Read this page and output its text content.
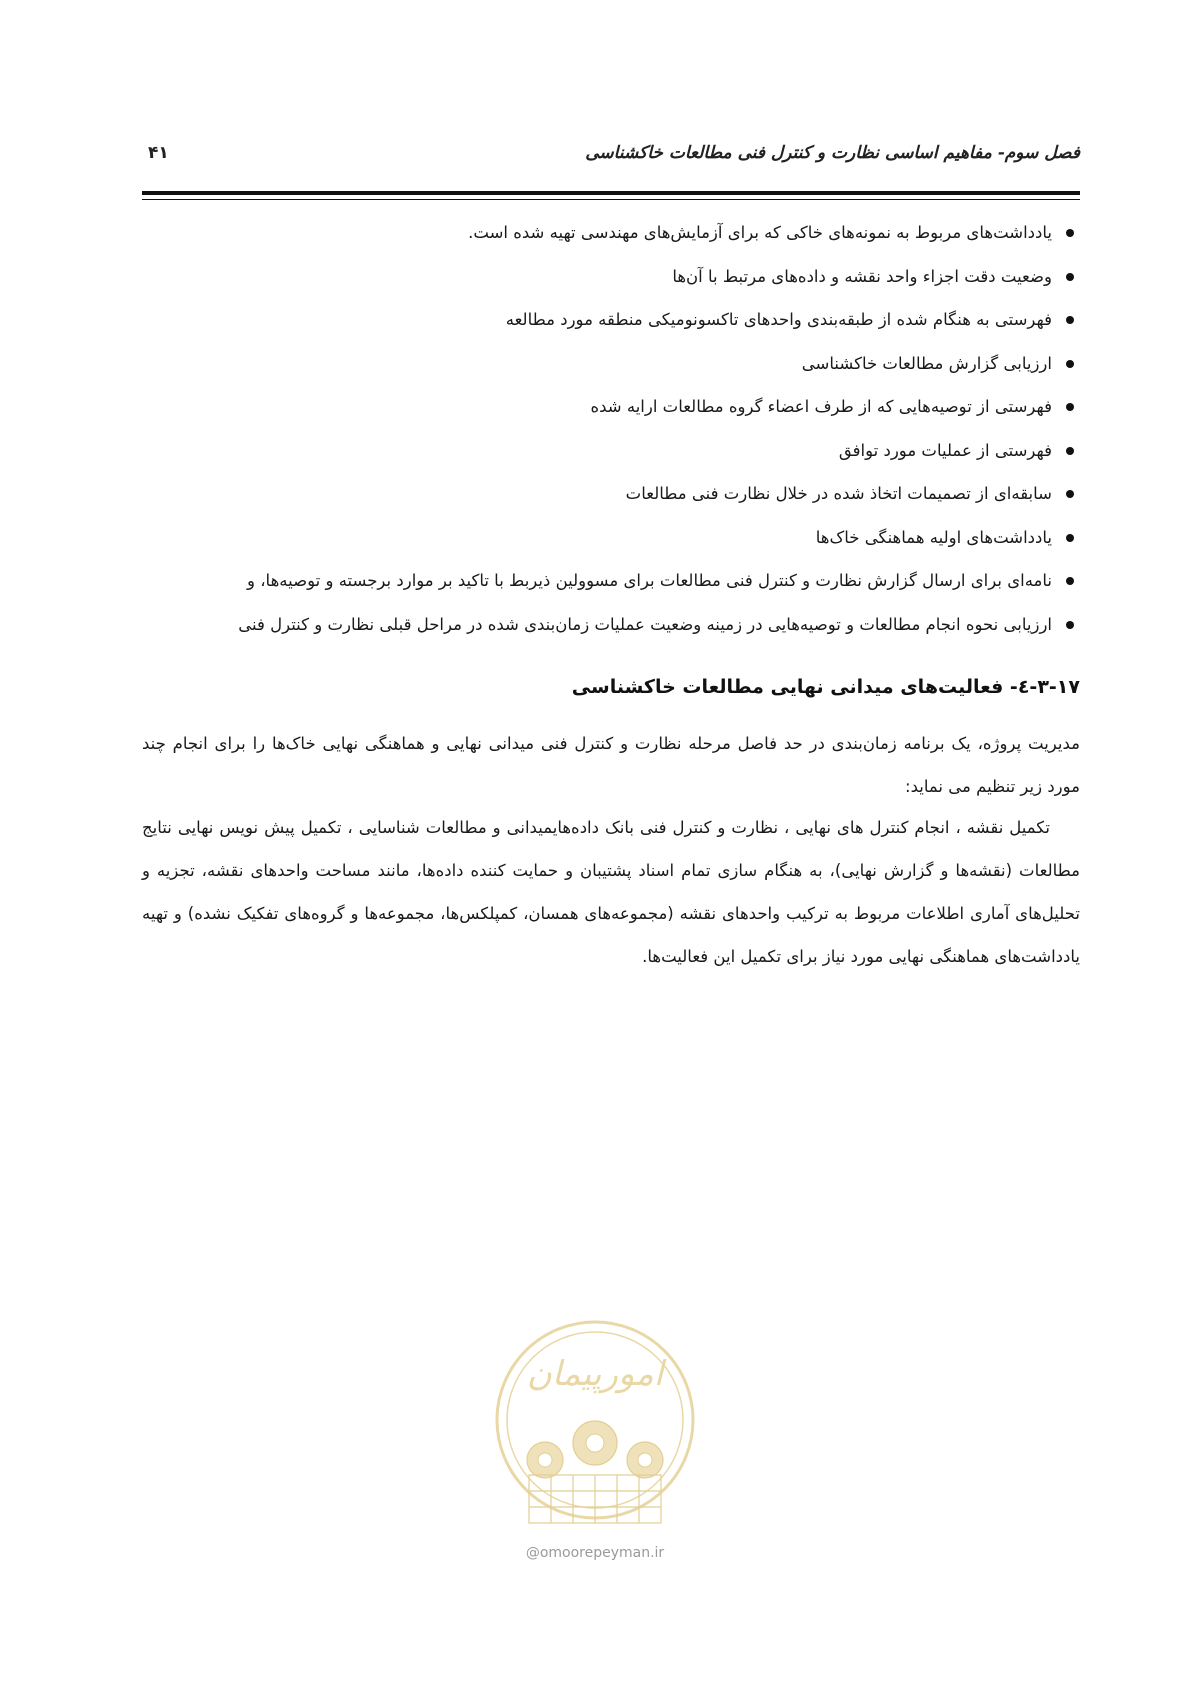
فصل سوم- مفاهیم اساسی نظارت و کنترل فنی مطالعات خاکشناسی
۴۱
یادداشت‌های مربوط به نمونه‌های خاکی که برای آزمایش‌های مهندسی تهیه شده است.
وضعیت دقت اجزاء واحد نقشه و داده‌های مرتبط با آن‌ها
فهرستی به هنگام شده از طبقه‌بندی واحدهای تاکسونومیکی منطقه مورد مطالعه
ارزیابی گزارش مطالعات خاکشناسی
فهرستی از توصیه‌هایی که از طرف اعضاء گروه مطالعات ارایه شده
فهرستی از عملیات مورد توافق
سابقه‌ای از تصمیمات اتخاذ شده در خلال نظارت فنی مطالعات
یادداشت‌های اولیه هماهنگی خاک‌ها
نامه‌ای برای ارسال گزارش نظارت و کنترل فنی مطالعات برای مسوولین ذیربط با تاکید بر موارد برجسته و توصیه‌ها، و
ارزیابی نحوه انجام مطالعات و توصیه‌هایی در زمینه وضعیت عملیات زمان‌بندی شده در مراحل قبلی نظارت و کنترل فنی
۳-۱۷-٤- فعالیت‌های میدانی نهایی مطالعات خاکشناسی

مدیریت پروژه، یک برنامه زمان‌بندی در حد فاصل مرحله نظارت و کنترل فنی میدانی نهایی و هماهنگی نهایی خاک‌ها را برای انجام چند مورد زیر تنظیم می نماید:

تکمیل نقشه ، انجام کنترل های نهایی ، نظارت و کنترل فنی بانک داده‌هایمیدانی و مطالعات شناسایی ، تکمیل پیش نویس نهایی نتایج مطالعات (نقشه‌ها و گزارش نهایی)، به هنگام سازی تمام اسناد پشتیبان و حمایت کننده داده‌ها، مانند مساحت واحدهای نقشه، تجزیه و تحلیل‌های آماری اطلاعات مربوط به ترکیب واحدهای نقشه (مجموعه‌های همسان، کمپلکس‌ها، مجموعه‌ها و گروه‌های تفکیک نشده) و تهیه یادداشت‌های هماهنگی نهایی مورد نیاز برای تکمیل این فعالیت‌ها.

امورپیمان
@omoorepeyman.ir
